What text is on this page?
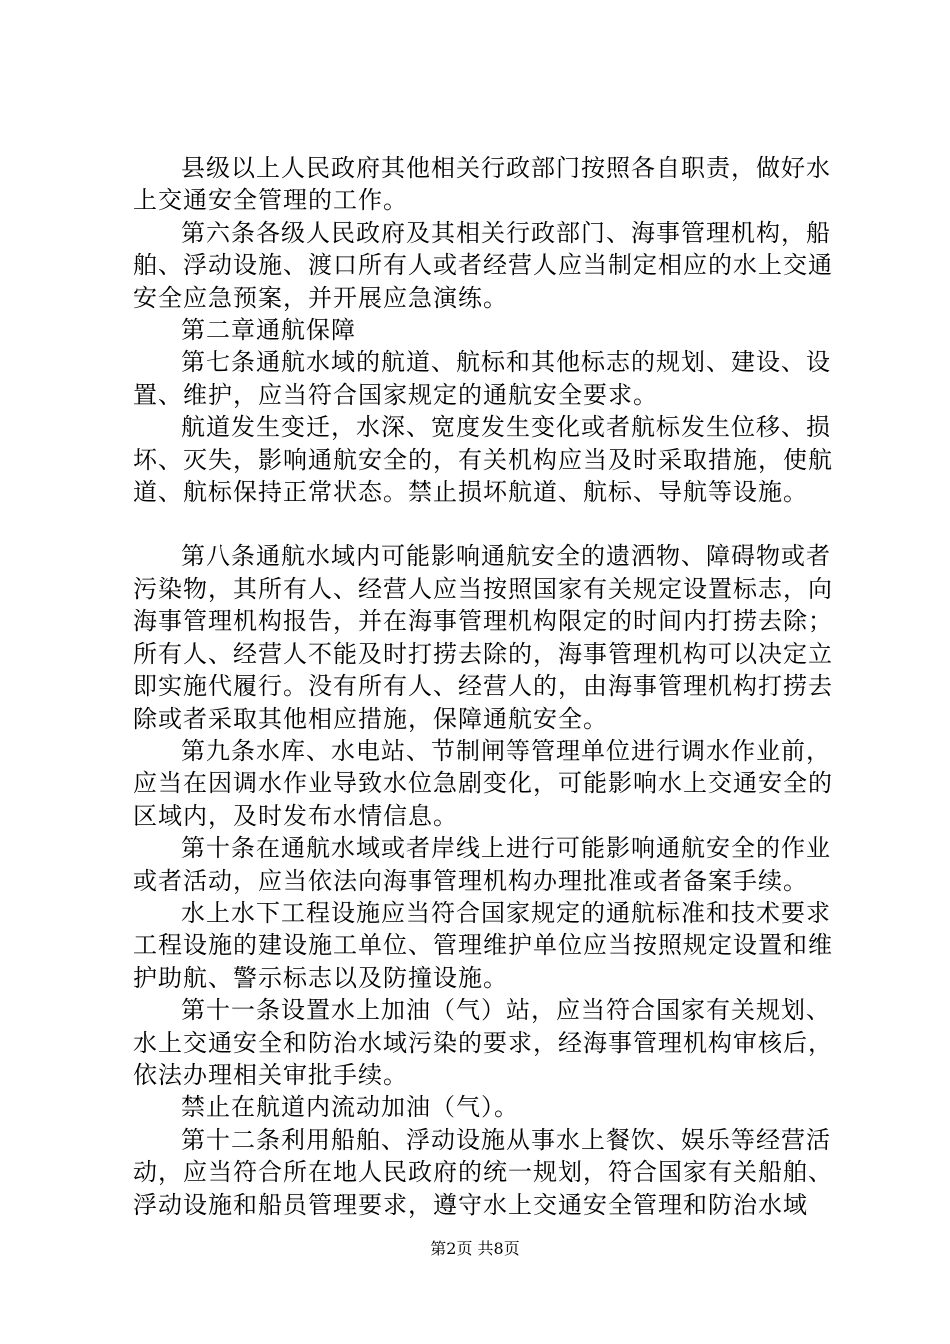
县级以上人民政府其他相关行政部门按照各自职责，做好水上交通安全管理的工作。

第六条各级人民政府及其相关行政部门、海事管理机构，船舶、浮动设施、渡口所有人或者经营人应当制定相应的水上交通安全应急预案，并开展应急演练。

第二章通航保障

第七条通航水域的航道、航标和其他标志的规划、建设、设置、维护，应当符合国家规定的通航安全要求。

航道发生变迁，水深、宽度发生变化或者航标发生位移、损坏、灭失，影响通航安全的，有关机构应当及时采取措施，使航道、航标保持正常状态。禁止损坏航道、航标、导航等设施。

第八条通航水域内可能影响通航安全的遗洒物、障碍物或者污染物，其所有人、经营人应当按照国家有关规定设置标志，向海事管理机构报告，并在海事管理机构限定的时间内打捞去除；所有人、经营人不能及时打捞去除的，海事管理机构可以决定立即实施代履行。没有所有人、经营人的，由海事管理机构打捞去除或者采取其他相应措施，保障通航安全。

第九条水库、水电站、节制闸等管理单位进行调水作业前，应当在因调水作业导致水位急剧变化，可能影响水上交通安全的区域内，及时发布水情信息。

第十条在通航水域或者岸线上进行可能影响通航安全的作业或者活动，应当依法向海事管理机构办理批准或者备案手续。

水上水下工程设施应当符合国家规定的通航标准和技术要求工程设施的建设施工单位、管理维护单位应当按照规定设置和维护助航、警示标志以及防撞设施。

第十一条设置水上加油（气）站，应当符合国家有关规划、水上交通安全和防治水域污染的要求，经海事管理机构审核后，依法办理相关审批手续。

禁止在航道内流动加油（气）。

第十二条利用船舶、浮动设施从事水上餐饮、娱乐等经营活动，应当符合所在地人民政府的统一规划，符合国家有关船舶、浮动设施和船员管理要求，遵守水上交通安全管理和防治水域

第2页 共8页
